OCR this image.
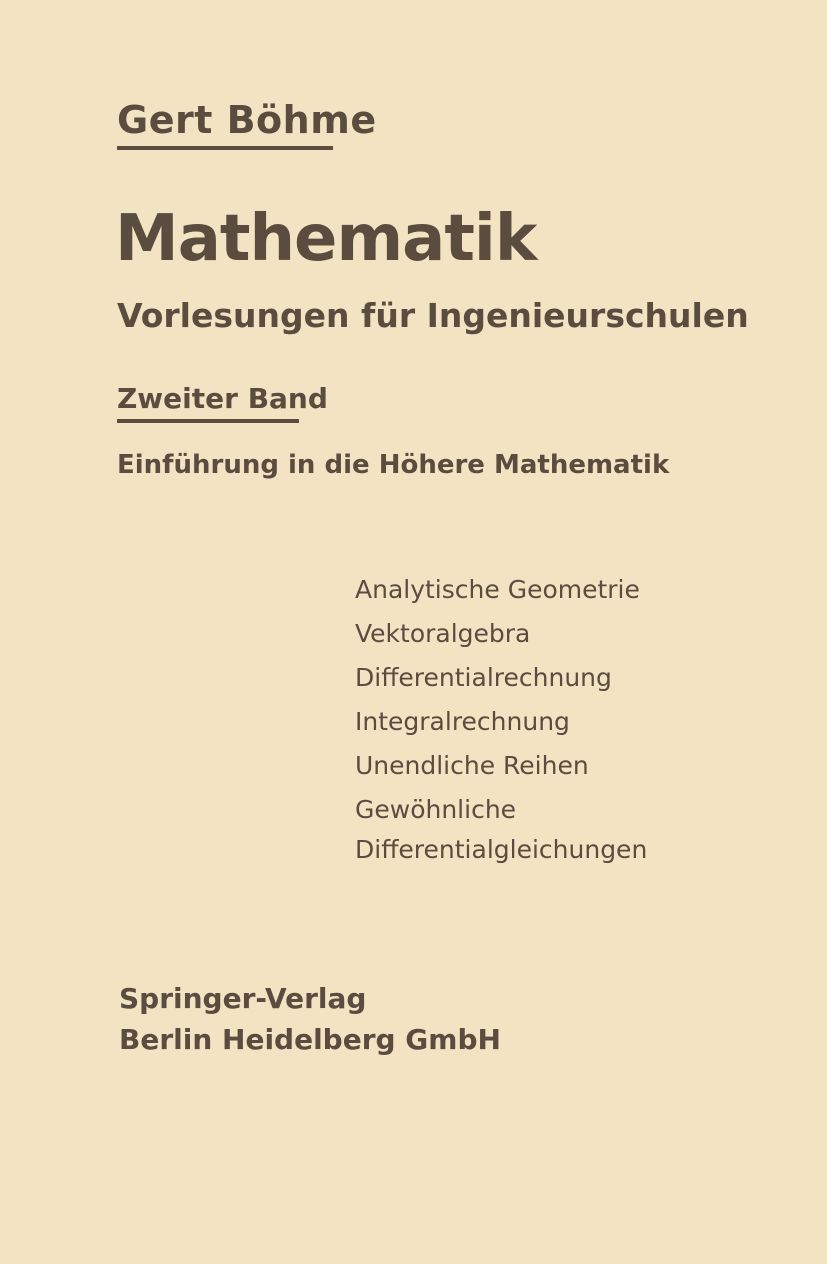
Gert Böhme
Mathematik
Vorlesungen für Ingenieurschulen
Zweiter Band
Einführung in die Höhere Mathematik
Analytische Geometrie
Vektoralgebra
Differentialrechnung
Integralrechnung
Unendliche Reihen
Gewöhnliche
Differentialgleichungen
Springer-Verlag
Berlin Heidelberg GmbH
